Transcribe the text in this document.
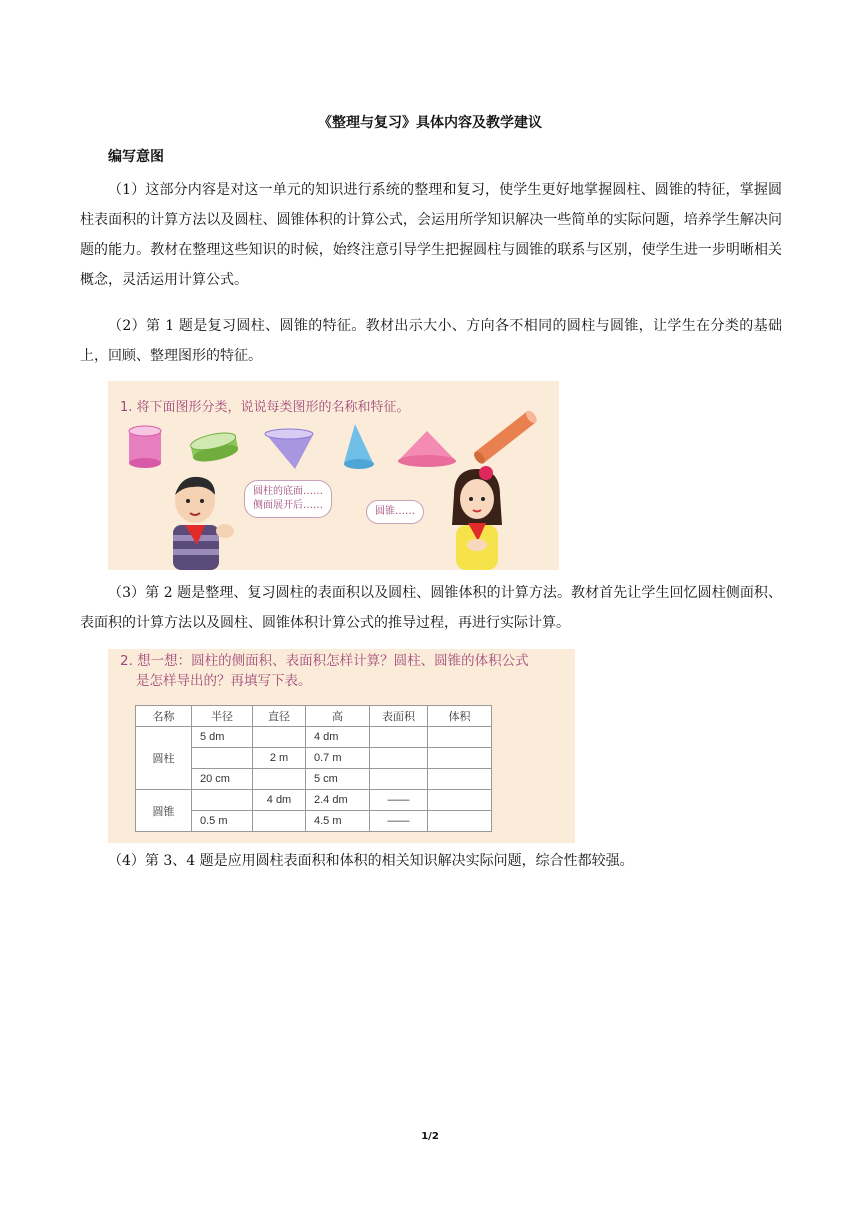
《整理与复习》具体内容及教学建议
编写意图

（1）这部分内容是对这一单元的知识进行系统的整理和复习，使学生更好地掌握圆柱、圆锥的特征，掌握圆柱表面积的计算方法以及圆柱、圆锥体积的计算公式，会运用所学知识解决一些简单的实际问题，培养学生解决问题的能力。教材在整理这些知识的时候，始终注意引导学生把握圆柱与圆锥的联系与区别，使学生进一步明晰相关概念，灵活运用计算公式。

（2）第 1 题是复习圆柱、圆锥的特征。教材出示大小、方向各不相同的圆柱与圆锥，让学生在分类的基础上，回顾、整理图形的特征。

1. 将下面图形分类，说说每类图形的名称和特征。
圆柱的底面……
侧面展开后……
圆锥……

（3）第 2 题是整理、复习圆柱的表面积以及圆柱、圆锥体积的计算方法。教材首先让学生回忆圆柱侧面积、表面积的计算方法以及圆柱、圆锥体积计算公式的推导过程，再进行实际计算。

2. 想一想：圆柱的侧面积、表面积怎样计算？圆柱、圆锥的体积公式
是怎样导出的？再填写下表。
名称	半径	直径	高	表面积	体积
圆柱	5 dm		4 dm		
		2 m	0.7 m		
	20 cm		5 cm		
圆锥		4 dm	2.4 dm	——	
	0.5 m		4.5 m	——	

（4）第 3、4 题是应用圆柱表面积和体积的相关知识解决实际问题，综合性都较强。

1/2
